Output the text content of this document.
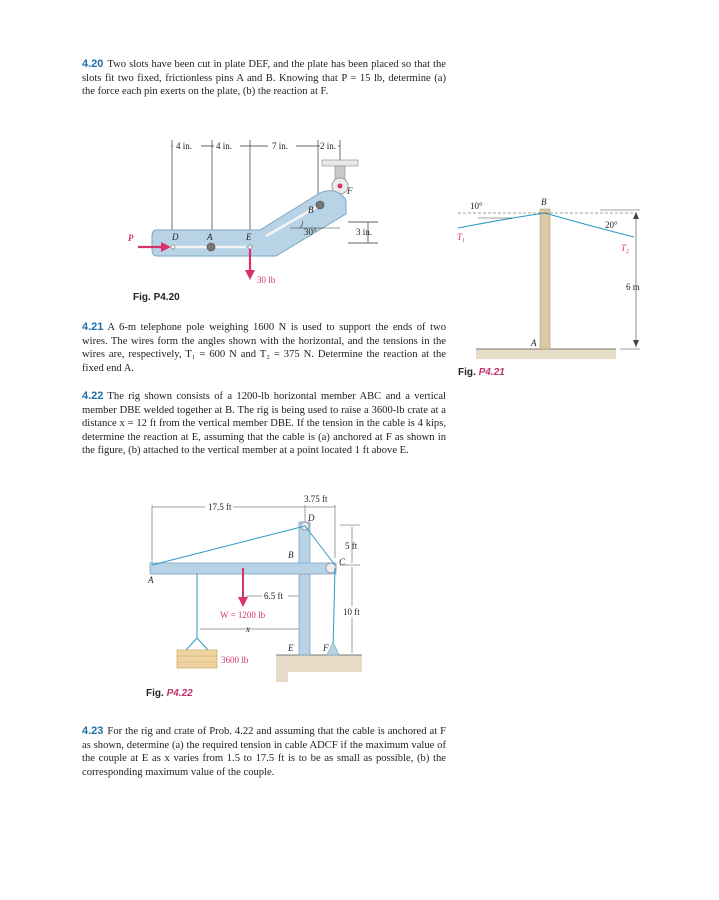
4.20 Two slots have been cut in plate DEF, and the plate has been placed so that the slots fit two fixed, frictionless pins A and B. Knowing that P = 15 lb, determine (a) the force each pin exerts on the plate, (b) the reaction at F.
4 in.	4 in.	7 in.	2 in.
3 in.
F
30°
B
D	A	E
P
30 lb
Fig. P4.20
4.21 A 6-m telephone pole weighing 1600 N is used to support the ends of two wires. The wires form the angles shown with the horizontal, and the tensions in the wires are, respectively, T₁ = 600 N and T₂ = 375 N. Determine the reaction at the fixed end A.
B
A
10°
20°
$T_1$
$T_2$
6 m
Fig. P4.21
4.22 The rig shown consists of a 1200-lb horizontal member ABC and a vertical member DBE welded together at B. The rig is being used to raise a 3600-lb crate at a distance x = 12 ft from the vertical member DBE. If the tension in the cable is 4 kips, determine the reaction at E, assuming that the cable is (a) anchored at F as shown in the figure, (b) attached to the vertical member at a point located 1 ft above E.
17.5 ft
3.75 ft
5 ft
10 ft
W = 1200 lb
3600 lb
6.5 ft
x
A
B
C
D
E	F
Fig. P4.22
4.23 For the rig and crate of Prob. 4.22 and assuming that the cable is anchored at F as shown, determine (a) the required tension in cable ADCF if the maximum value of the couple at E as x varies from 1.5 to 17.5 ft is to be as small as possible, (b) the corresponding maximum value of the couple.
